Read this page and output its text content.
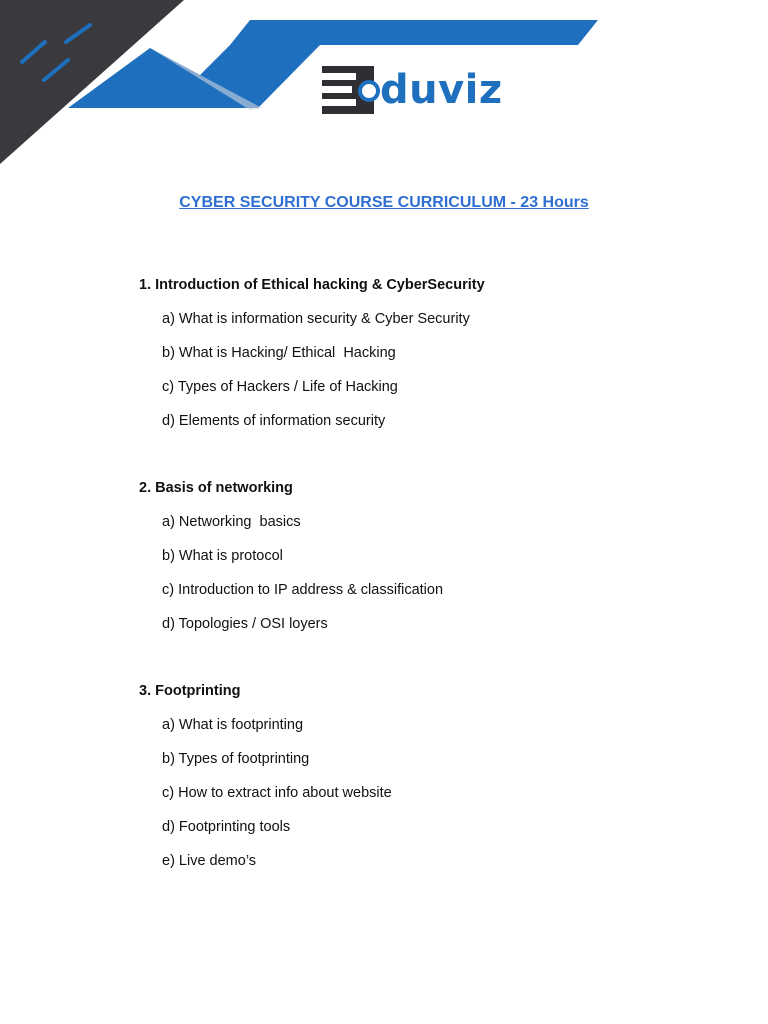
duviz
CYBER SECURITY COURSE CURRICULUM - 23 Hours

1. Introduction of Ethical hacking & CyberSecurity

a) What is information security & Cyber Security
b) What is Hacking/ Ethical  Hacking
c) Types of Hackers / Life of Hacking
d) Elements of information security

2. Basis of networking

a) Networking  basics
b) What is protocol
c) Introduction to IP address & classification
d) Topologies / OSI loyers

3. Footprinting

a) What is footprinting
b) Types of footprinting
c) How to extract info about website
d) Footprinting tools
e) Live demo’s
